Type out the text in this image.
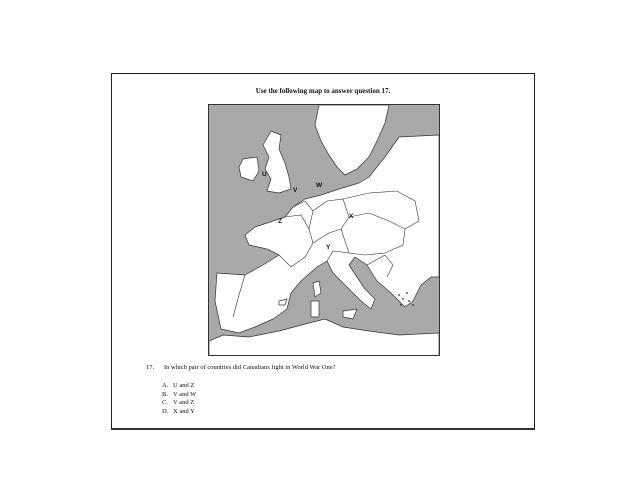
Use the following map to answer question 17.
U
V
W
X
Y
Z
17. In which pair of countries did Canadians fight in World War One?
A. U and Z
B. V and W
C. V and Z
D. X and Y
